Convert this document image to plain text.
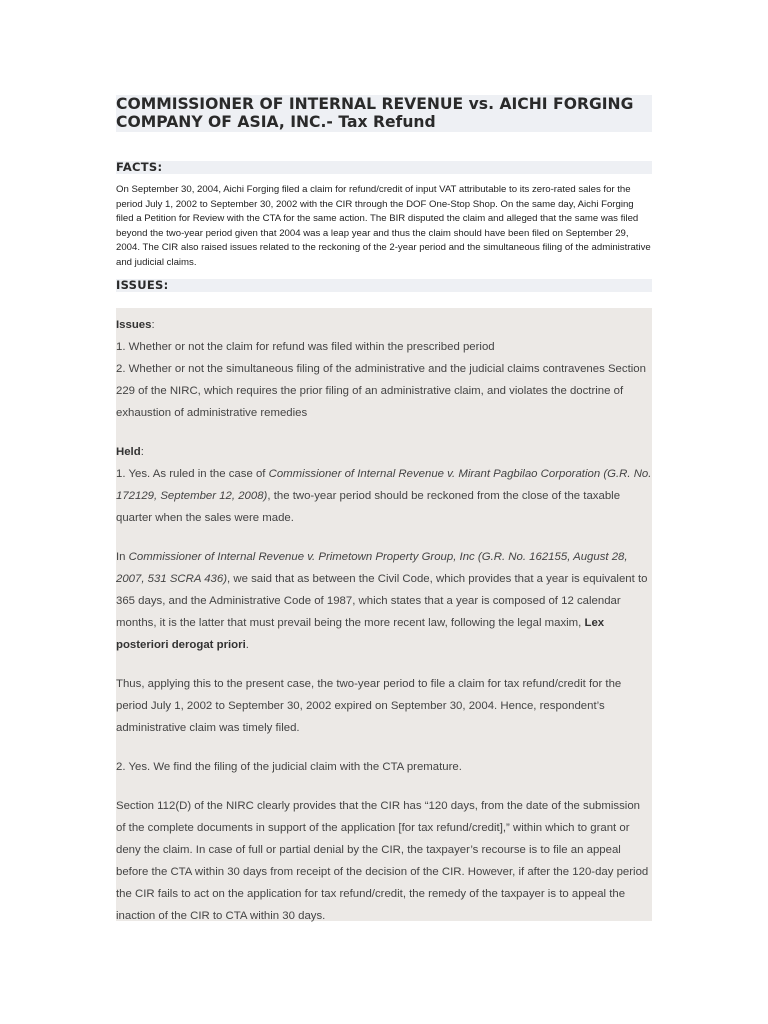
COMMISSIONER OF INTERNAL REVENUE vs. AICHI FORGING COMPANY OF ASIA, INC.- Tax Refund
FACTS:

On September 30, 2004, Aichi Forging filed a claim for refund/credit of input VAT attributable to its zero-rated sales for the period July 1, 2002 to September 30, 2002 with the CIR through the DOF One-Stop Shop. On the same day, Aichi Forging filed a Petition for Review with the CTA for the same action. The BIR disputed the claim and alleged that the same was filed beyond the two-year period given that 2004 was a leap year and thus the claim should have been filed on September 29, 2004. The CIR also raised issues related to the reckoning of the 2-year period and the simultaneous filing of the administrative and judicial claims.

ISSUES:

Issues:

1. Whether or not the claim for refund was filed within the prescribed period

2. Whether or not the simultaneous filing of the administrative and the judicial claims contravenes Section 229 of the NIRC, which requires the prior filing of an administrative claim, and violates the doctrine of exhaustion of administrative remedies

Held:

1. Yes. As ruled in the case of Commissioner of Internal Revenue v. Mirant Pagbilao Corporation (G.R. No. 172129, September 12, 2008), the two-year period should be reckoned from the close of the taxable quarter when the sales were made.

In Commissioner of Internal Revenue v. Primetown Property Group, Inc (G.R. No. 162155, August 28, 2007, 531 SCRA 436), we said that as between the Civil Code, which provides that a year is equivalent to 365 days, and the Administrative Code of 1987, which states that a year is composed of 12 calendar months, it is the latter that must prevail being the more recent law, following the legal maxim, Lex posteriori derogat priori.

Thus, applying this to the present case, the two-year period to file a claim for tax refund/credit for the period July 1, 2002 to September 30, 2002 expired on September 30, 2004. Hence, respondent’s administrative claim was timely filed.

2. Yes. We find the filing of the judicial claim with the CTA premature.

Section 112(D) of the NIRC clearly provides that the CIR has “120 days, from the date of the submission of the complete documents in support of the application [for tax refund/credit],” within which to grant or deny the claim. In case of full or partial denial by the CIR, the taxpayer’s recourse is to file an appeal before the CTA within 30 days from receipt of the decision of the CIR. However, if after the 120-day period the CIR fails to act on the application for tax refund/credit, the remedy of the taxpayer is to appeal the inaction of the CIR to CTA within 30 days.
